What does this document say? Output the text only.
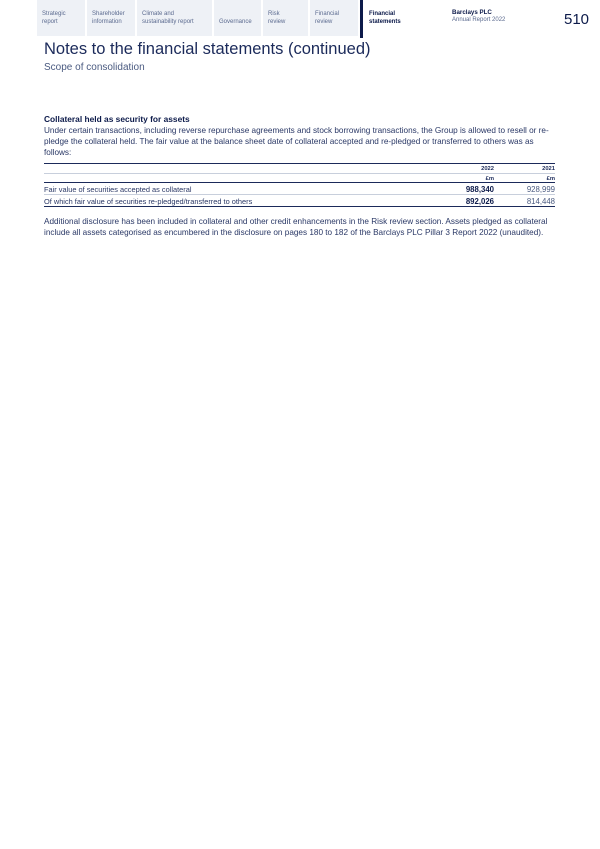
Strategic
report
Shareholder
information
Climate and
sustainability report
	Governance
Risk
review
Financial
review
Financial
statements
Barclays PLC
Annual Report 2022	510
Notes to the financial statements (continued)
Scope of consolidation
Collateral held as security for assets
Under certain transactions, including reverse repurchase agreements and stock borrowing transactions, the Group is allowed to resell or re-pledge the collateral held. The fair value at the balance sheet date of collateral accepted and re-pledged or transferred to others was as follows:
2022	2021
£m	£m
Fair value of securities accepted as collateral	988,340	928,999
Of which fair value of securities re-pledged/transferred to others	892,026	814,448
Additional disclosure has been included in collateral and other credit enhancements in the Risk review section. Assets pledged as collateral include all assets categorised as encumbered in the disclosure on pages 180 to 182 of the Barclays PLC Pillar 3 Report 2022 (unaudited).
